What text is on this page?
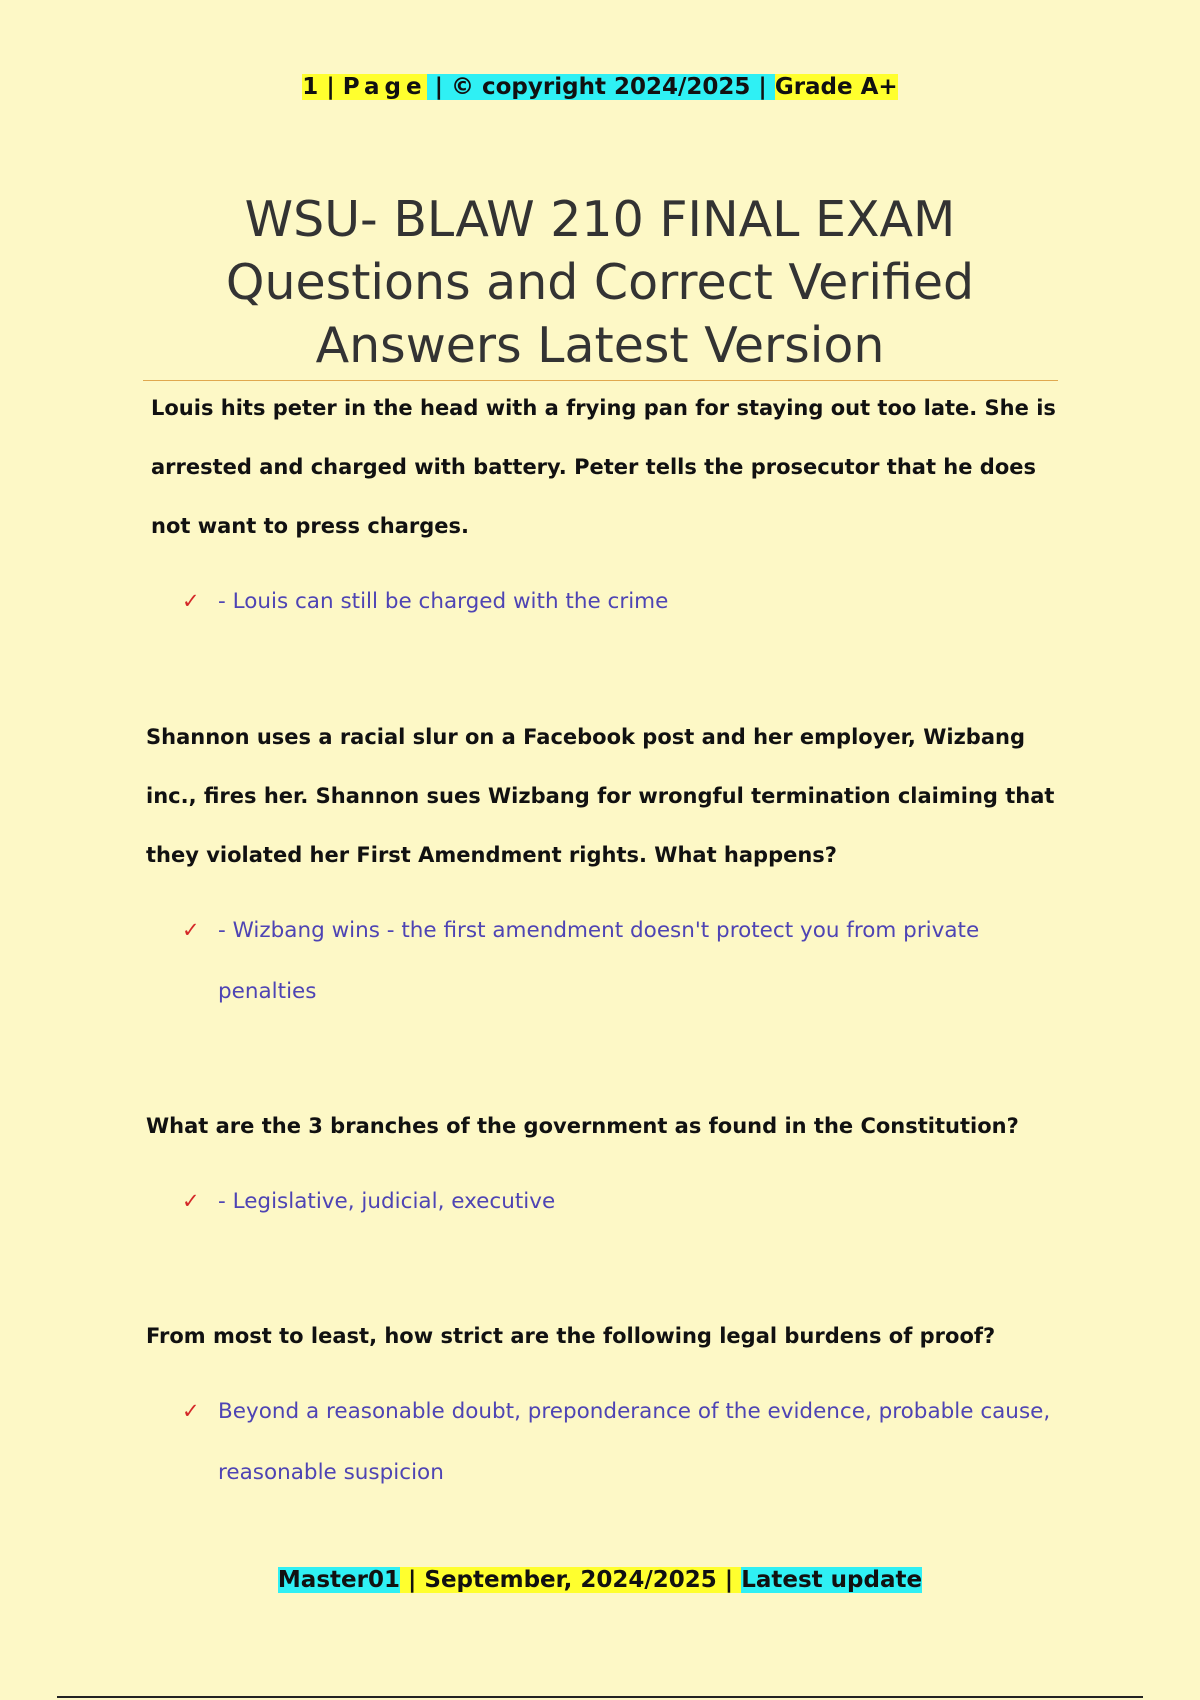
1 | Page | © copyright 2024/2025 | Grade A+
WSU- BLAW 210 FINAL EXAM
Questions and Correct Verified
Answers Latest Version

Louis hits peter in the head with a frying pan for staying out too late. She is arrested and charged with battery. Peter tells the prosecutor that he does not want to press charges.

✓ - Louis can still be charged with the crime

Shannon uses a racial slur on a Facebook post and her employer, Wizbang inc., fires her. Shannon sues Wizbang for wrongful termination claiming that they violated her First Amendment rights. What happens?

✓ - Wizbang wins - the first amendment doesn't protect you from private penalties

What are the 3 branches of the government as found in the Constitution?

✓ - Legislative, judicial, executive

From most to least, how strict are the following legal burdens of proof?

✓ Beyond a reasonable doubt, preponderance of the evidence, probable cause, reasonable suspicion
Master01 | September, 2024/2025 | Latest update
